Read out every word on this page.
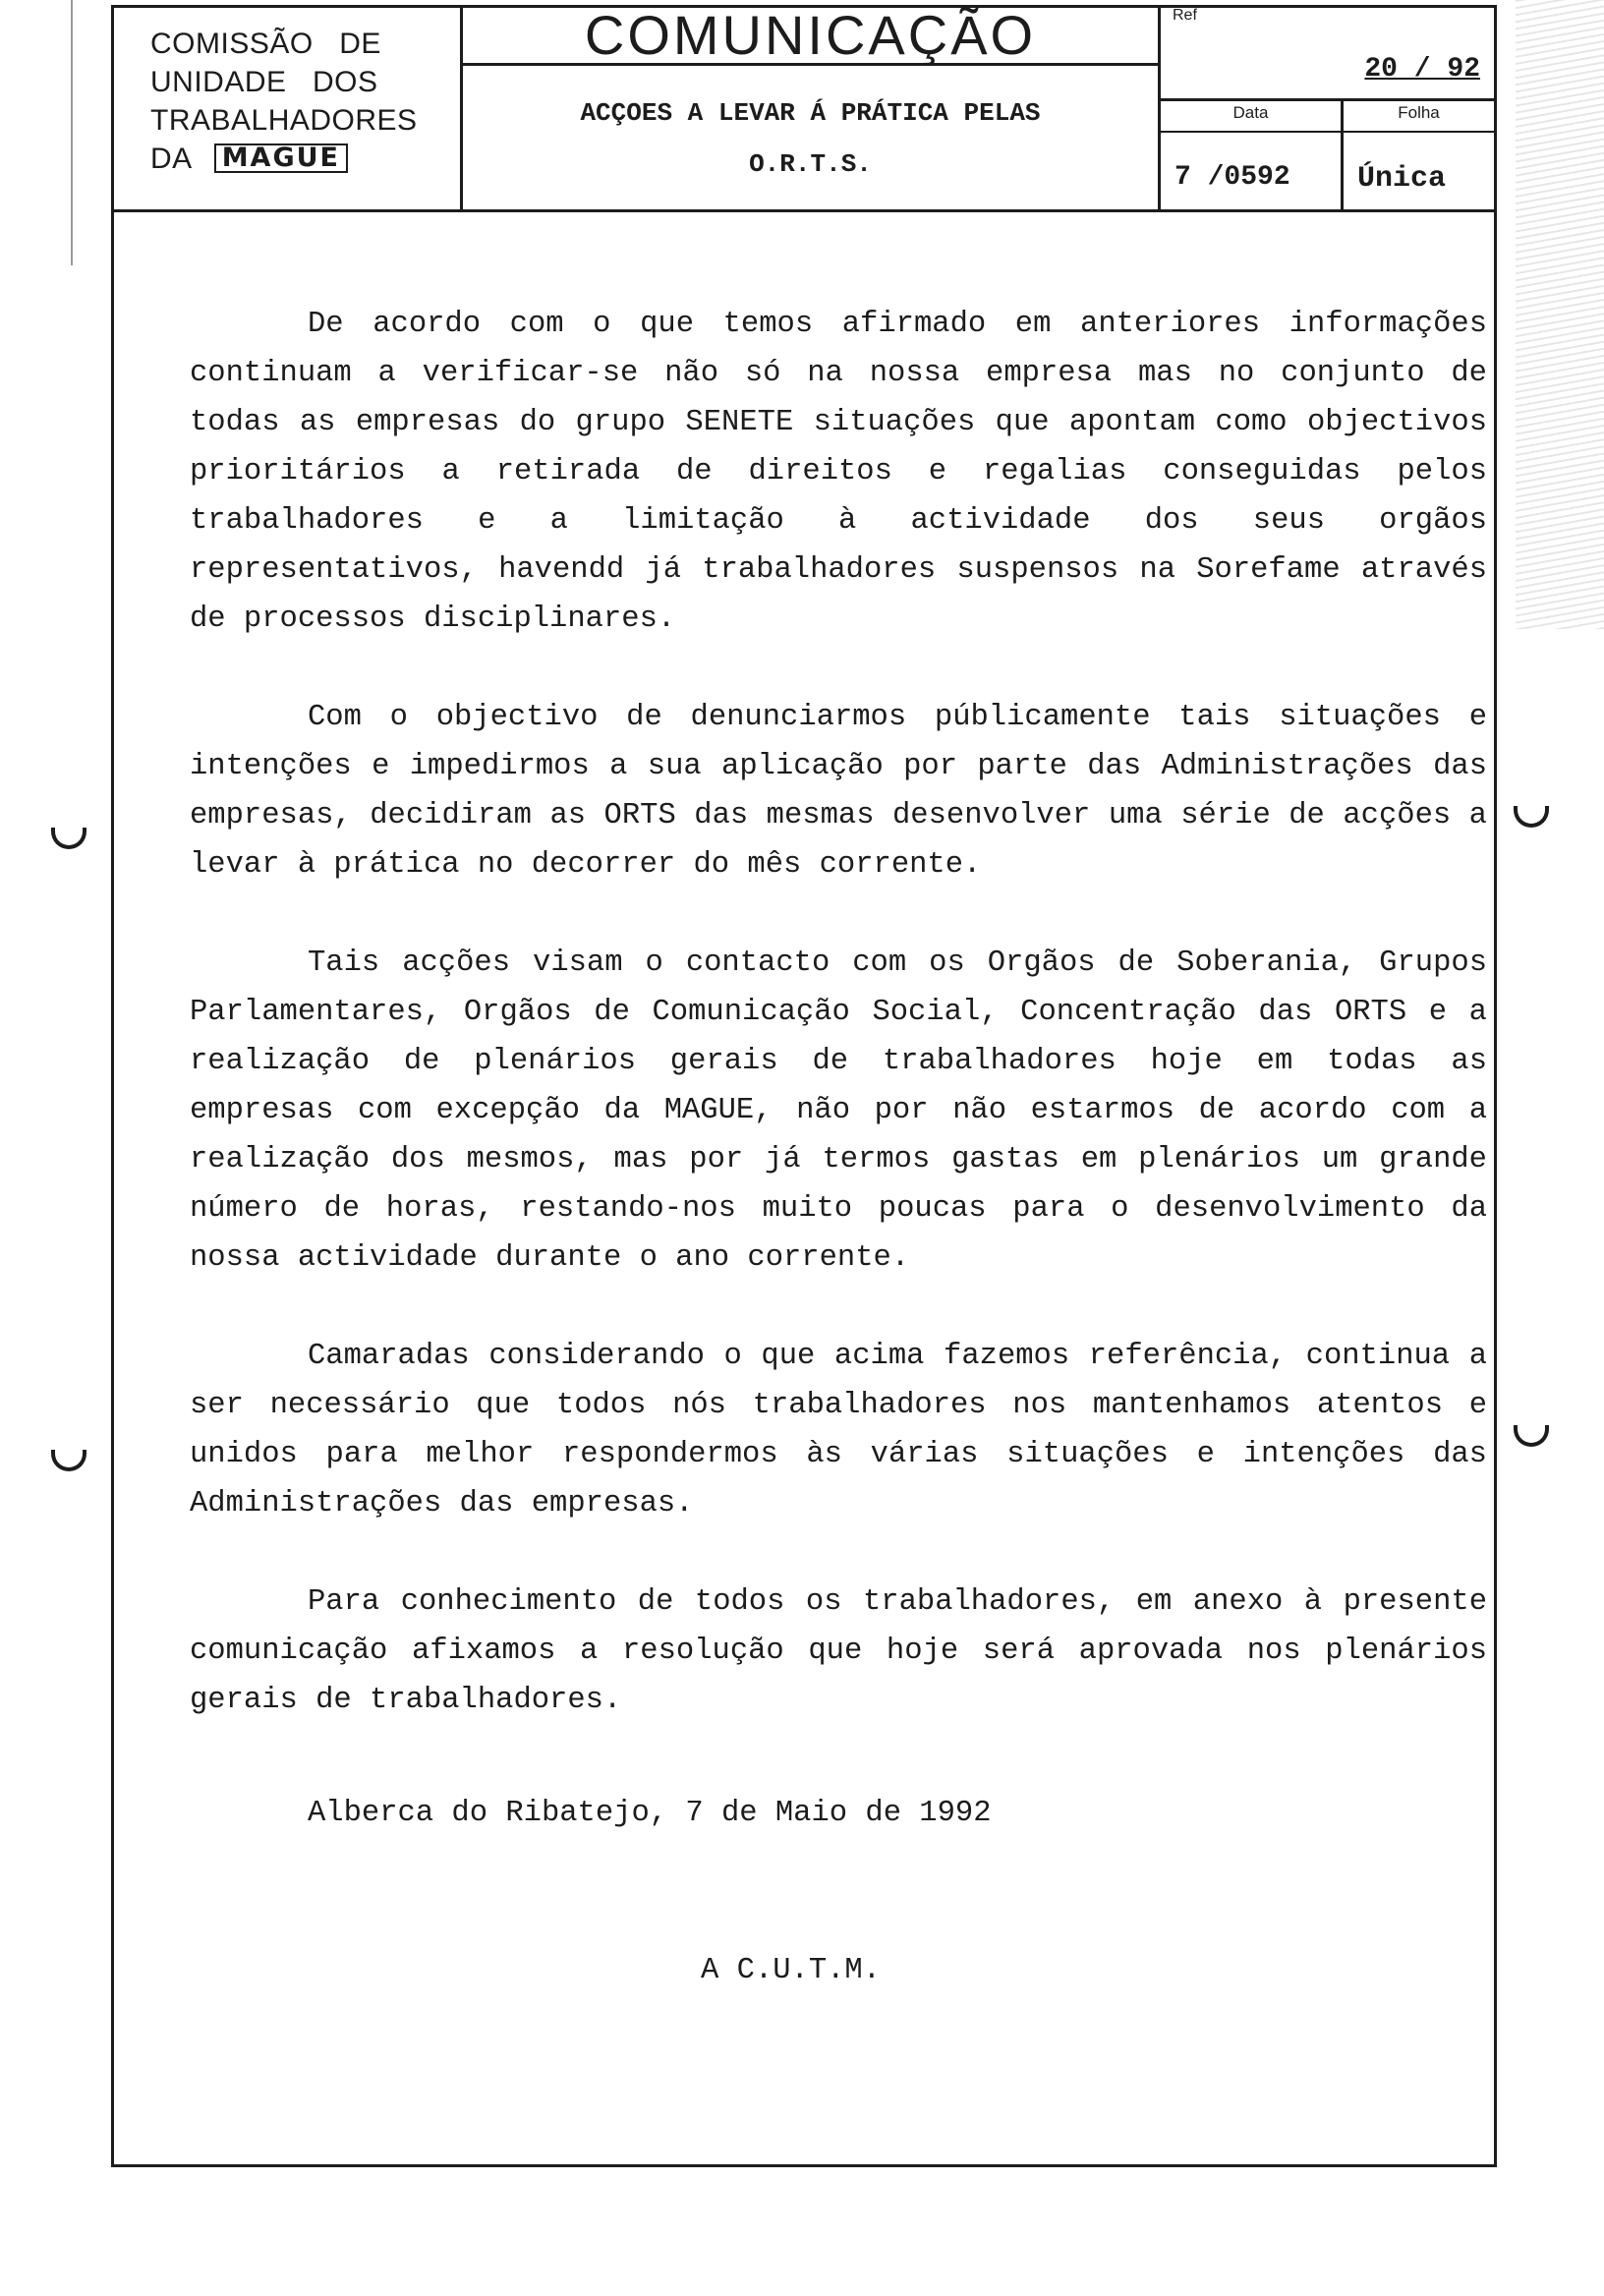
COMISSÃO   DE
UNIDADE   DOS
TRABALHADORES
DA MAGUE
COMUNICAÇÃO
ACÇOES A LEVAR Á PRÁTICA PELAS
O.R.T.S.
Ref
20 / 92
Data
7 /0592
Folha
Única

De acordo com o que temos afirmado em anteriores informações continuam a verificar-se não só na nossa empresa mas no conjunto de todas as empresas do grupo SENETE situações que apontam como objectivos prioritários a retirada de direitos e regalias conseguidas pelos trabalhadores e a limitação à actividade dos seus orgãos representativos, havendd já trabalhadores suspensos na Sorefame através de processos disciplinares.

Com o objectivo de denunciarmos públicamente tais situações e intenções e impedirmos a sua aplicação por parte das Administrações das empresas, decidiram as ORTS das mesmas desenvolver uma série de acções a levar à prática no decorrer do mês corrente.

Tais acções visam o contacto com os Orgãos de Soberania, Grupos Parlamentares, Orgãos de Comunicação Social, Concentração das ORTS e a realização de plenários gerais de trabalhadores hoje em todas as empresas com excepção da MAGUE, não por não estarmos de acordo com a realização dos mesmos, mas por já termos gastas em plenários um grande número de horas, restando-nos muito poucas para o desenvolvimento da nossa actividade durante o ano corrente.

Camaradas considerando o que acima fazemos referência, continua a ser necessário que todos nós trabalhadores nos mantenhamos atentos e unidos para melhor respondermos às várias situações e intenções das Administrações das empresas.

Para conhecimento de todos os trabalhadores, em anexo à presente comunicação afixamos a resolução que hoje será aprovada nos plenários gerais de trabalhadores.

Alberca do Ribatejo, 7 de Maio de 1992
A C.U.T.M.
